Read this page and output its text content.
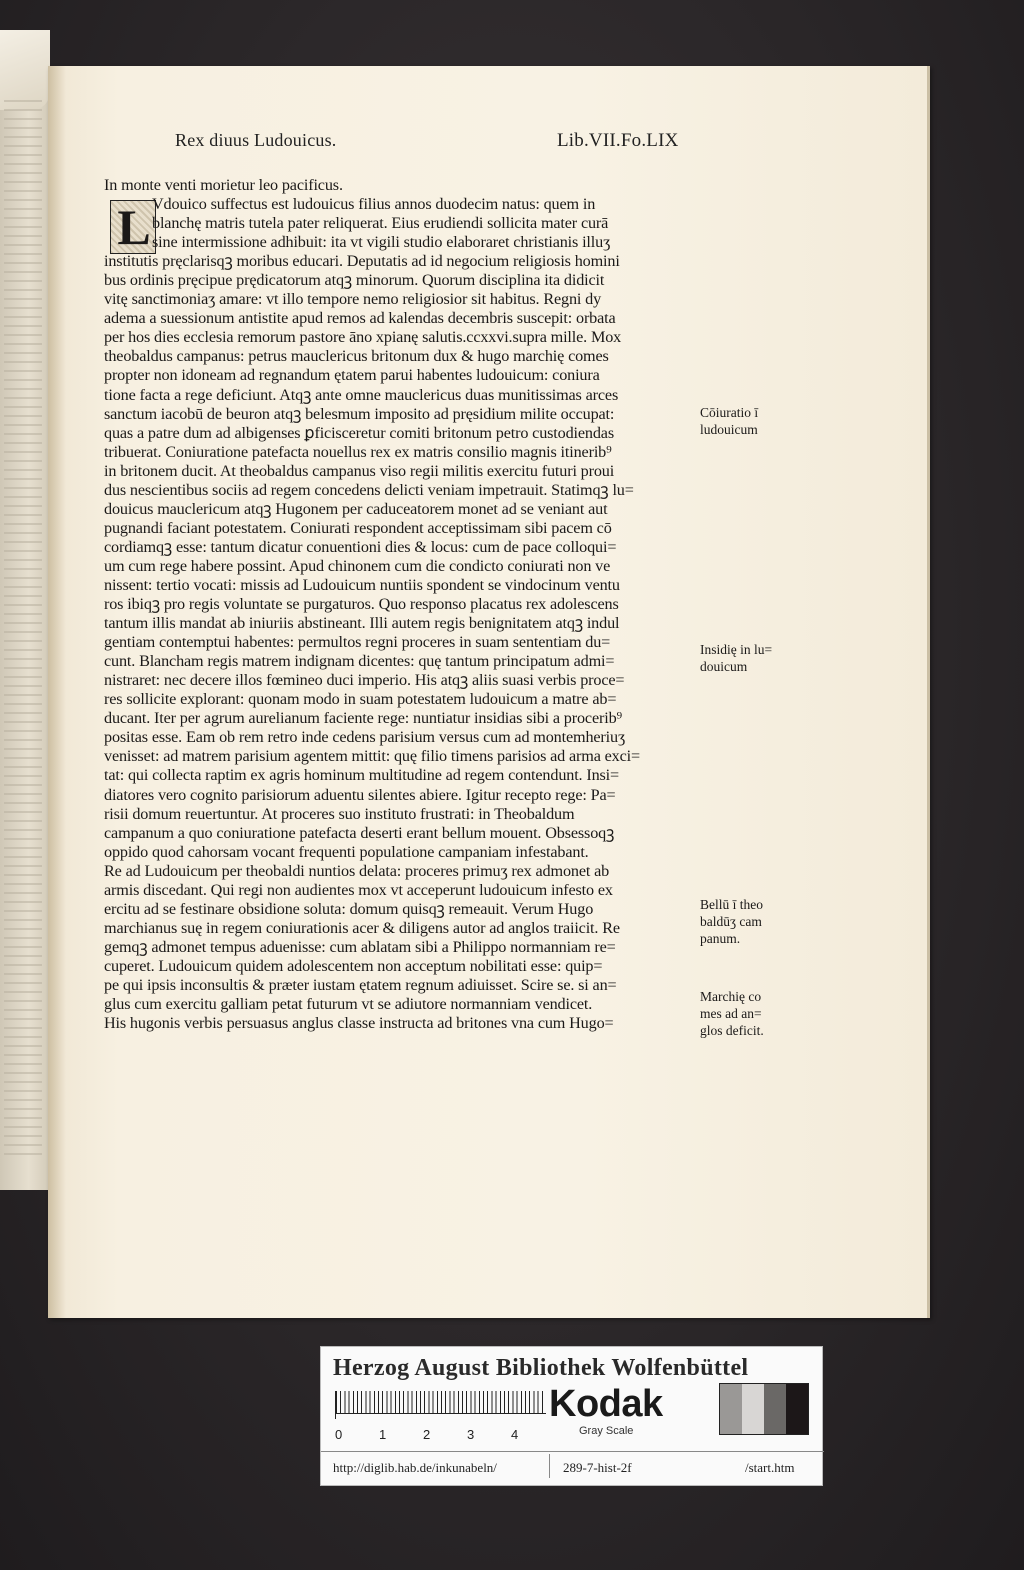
Rex diuus Ludouicus.	Lib.VII.Fo.LIX
L
In monte venti morietur leo pacificus.
Vdouico suffectus est ludouicus filius annos duodecim natus: quem in
blanchę matris tutela pater reliquerat. Eius erudiendi sollicita mater curā
sine intermissione adhibuit: ita vt vigili studio elaboraret christianis illuʒ
institutis pręclarisqꝫ moribus educari. Deputatis ad id negocium religiosis homini
bus ordinis pręcipue prędicatorum atqꝫ minorum. Quorum disciplina ita didicit
vitę sanctimoniaʒ amare: vt illo tempore nemo religiosior sit habitus. Regni dy
adema a suessionum antistite apud remos ad kalendas decembris suscepit: orbata
per hos dies ecclesia remorum pastore āno xpianę salutis.ccxxvi.supra mille. Mox
theobaldus campanus: petrus mauclericus britonum dux & hugo marchię comes
propter non idoneam ad regnandum ętatem parui habentes ludouicum: coniura
tione facta a rege deficiunt. Atqꝫ ante omne mauclericus duas munitissimas arces
sanctum iacobū de beuron atqꝫ belesmum imposito ad pręsidium milite occupat:
quas a patre dum ad albigenses ꝑficisceretur comiti britonum petro custodiendas
tribuerat. Coniuratione patefacta nouellus rex ex matris consilio magnis itinerib⁹
in britonem ducit. At theobaldus campanus viso regii militis exercitu futuri proui
dus nescientibus sociis ad regem concedens delicti veniam impetrauit. Statimqꝫ lu=
douicus mauclericum atqꝫ Hugonem per caduceatorem monet ad se veniant aut
pugnandi faciant potestatem. Coniurati respondent acceptissimam sibi pacem cō
cordiamqꝫ esse: tantum dicatur conuentioni dies & locus: cum de pace colloqui=
um cum rege habere possint. Apud chinonem cum die condicto coniurati non ve
nissent: tertio vocati: missis ad Ludouicum nuntiis spondent se vindocinum ventu
ros ibiqꝫ pro regis voluntate se purgaturos. Quo responso placatus rex adolescens
tantum illis mandat ab iniuriis abstineant. Illi autem regis benignitatem atqꝫ indul
gentiam contemptui habentes: permultos regni proceres in suam sententiam du=
cunt. Blancham regis matrem indignam dicentes: quę tantum principatum admi=
nistraret: nec decere illos fœmineo duci imperio. His atqꝫ aliis suasi verbis proce=
res sollicite explorant: quonam modo in suam potestatem ludouicum a matre ab=
ducant. Iter per agrum aurelianum faciente rege: nuntiatur insidias sibi a procerib⁹
positas esse. Eam ob rem retro inde cedens parisium versus cum ad montemheriuʒ
venisset: ad matrem parisium agentem mittit: quę filio timens parisios ad arma exci=
tat: qui collecta raptim ex agris hominum multitudine ad regem contendunt. Insi=
diatores vero cognito parisiorum aduentu silentes abiere. Igitur recepto rege: Pa=
risii domum reuertuntur. At proceres suo instituto frustrati: in Theobaldum
campanum a quo coniuratione patefacta deserti erant bellum mouent. Obsessoqꝫ
oppido quod cahorsam vocant frequenti populatione campaniam infestabant.
Re ad Ludouicum per theobaldi nuntios delata: proceres primuʒ rex admonet ab
armis discedant. Qui regi non audientes mox vt acceperunt ludouicum infesto ex
ercitu ad se festinare obsidione soluta: domum quisqꝫ remeauit. Verum Hugo
marchianus suę in regem coniurationis acer & diligens autor ad anglos traiicit. Re
gemqꝫ admonet tempus aduenisse: cum ablatam sibi a Philippo normanniam re=
cuperet. Ludouicum quidem adolescentem non acceptum nobilitati esse: quip=
pe qui ipsis inconsultis & prӕter iustam ętatem regnum adiuisset. Scire se. si an=
glus cum exercitu galliam petat futurum vt se adiutore normanniam vendicet.
His hugonis verbis persuasus anglus classe instructa ad britones vna cum Hugo=
Cōiuratio ī
ludouicum
Insidię in lu=
douicum
Bellū ī theo
baldūʒ cam
panum.
Marchię co
mes ad an=
glos deficit.
Herzog August Bibliothek Wolfenbüttel
0	1	2	3	4
Kodak
Gray Scale
http://diglib.hab.de/inkunabeln/	289-7-hist-2f	/start.htm
